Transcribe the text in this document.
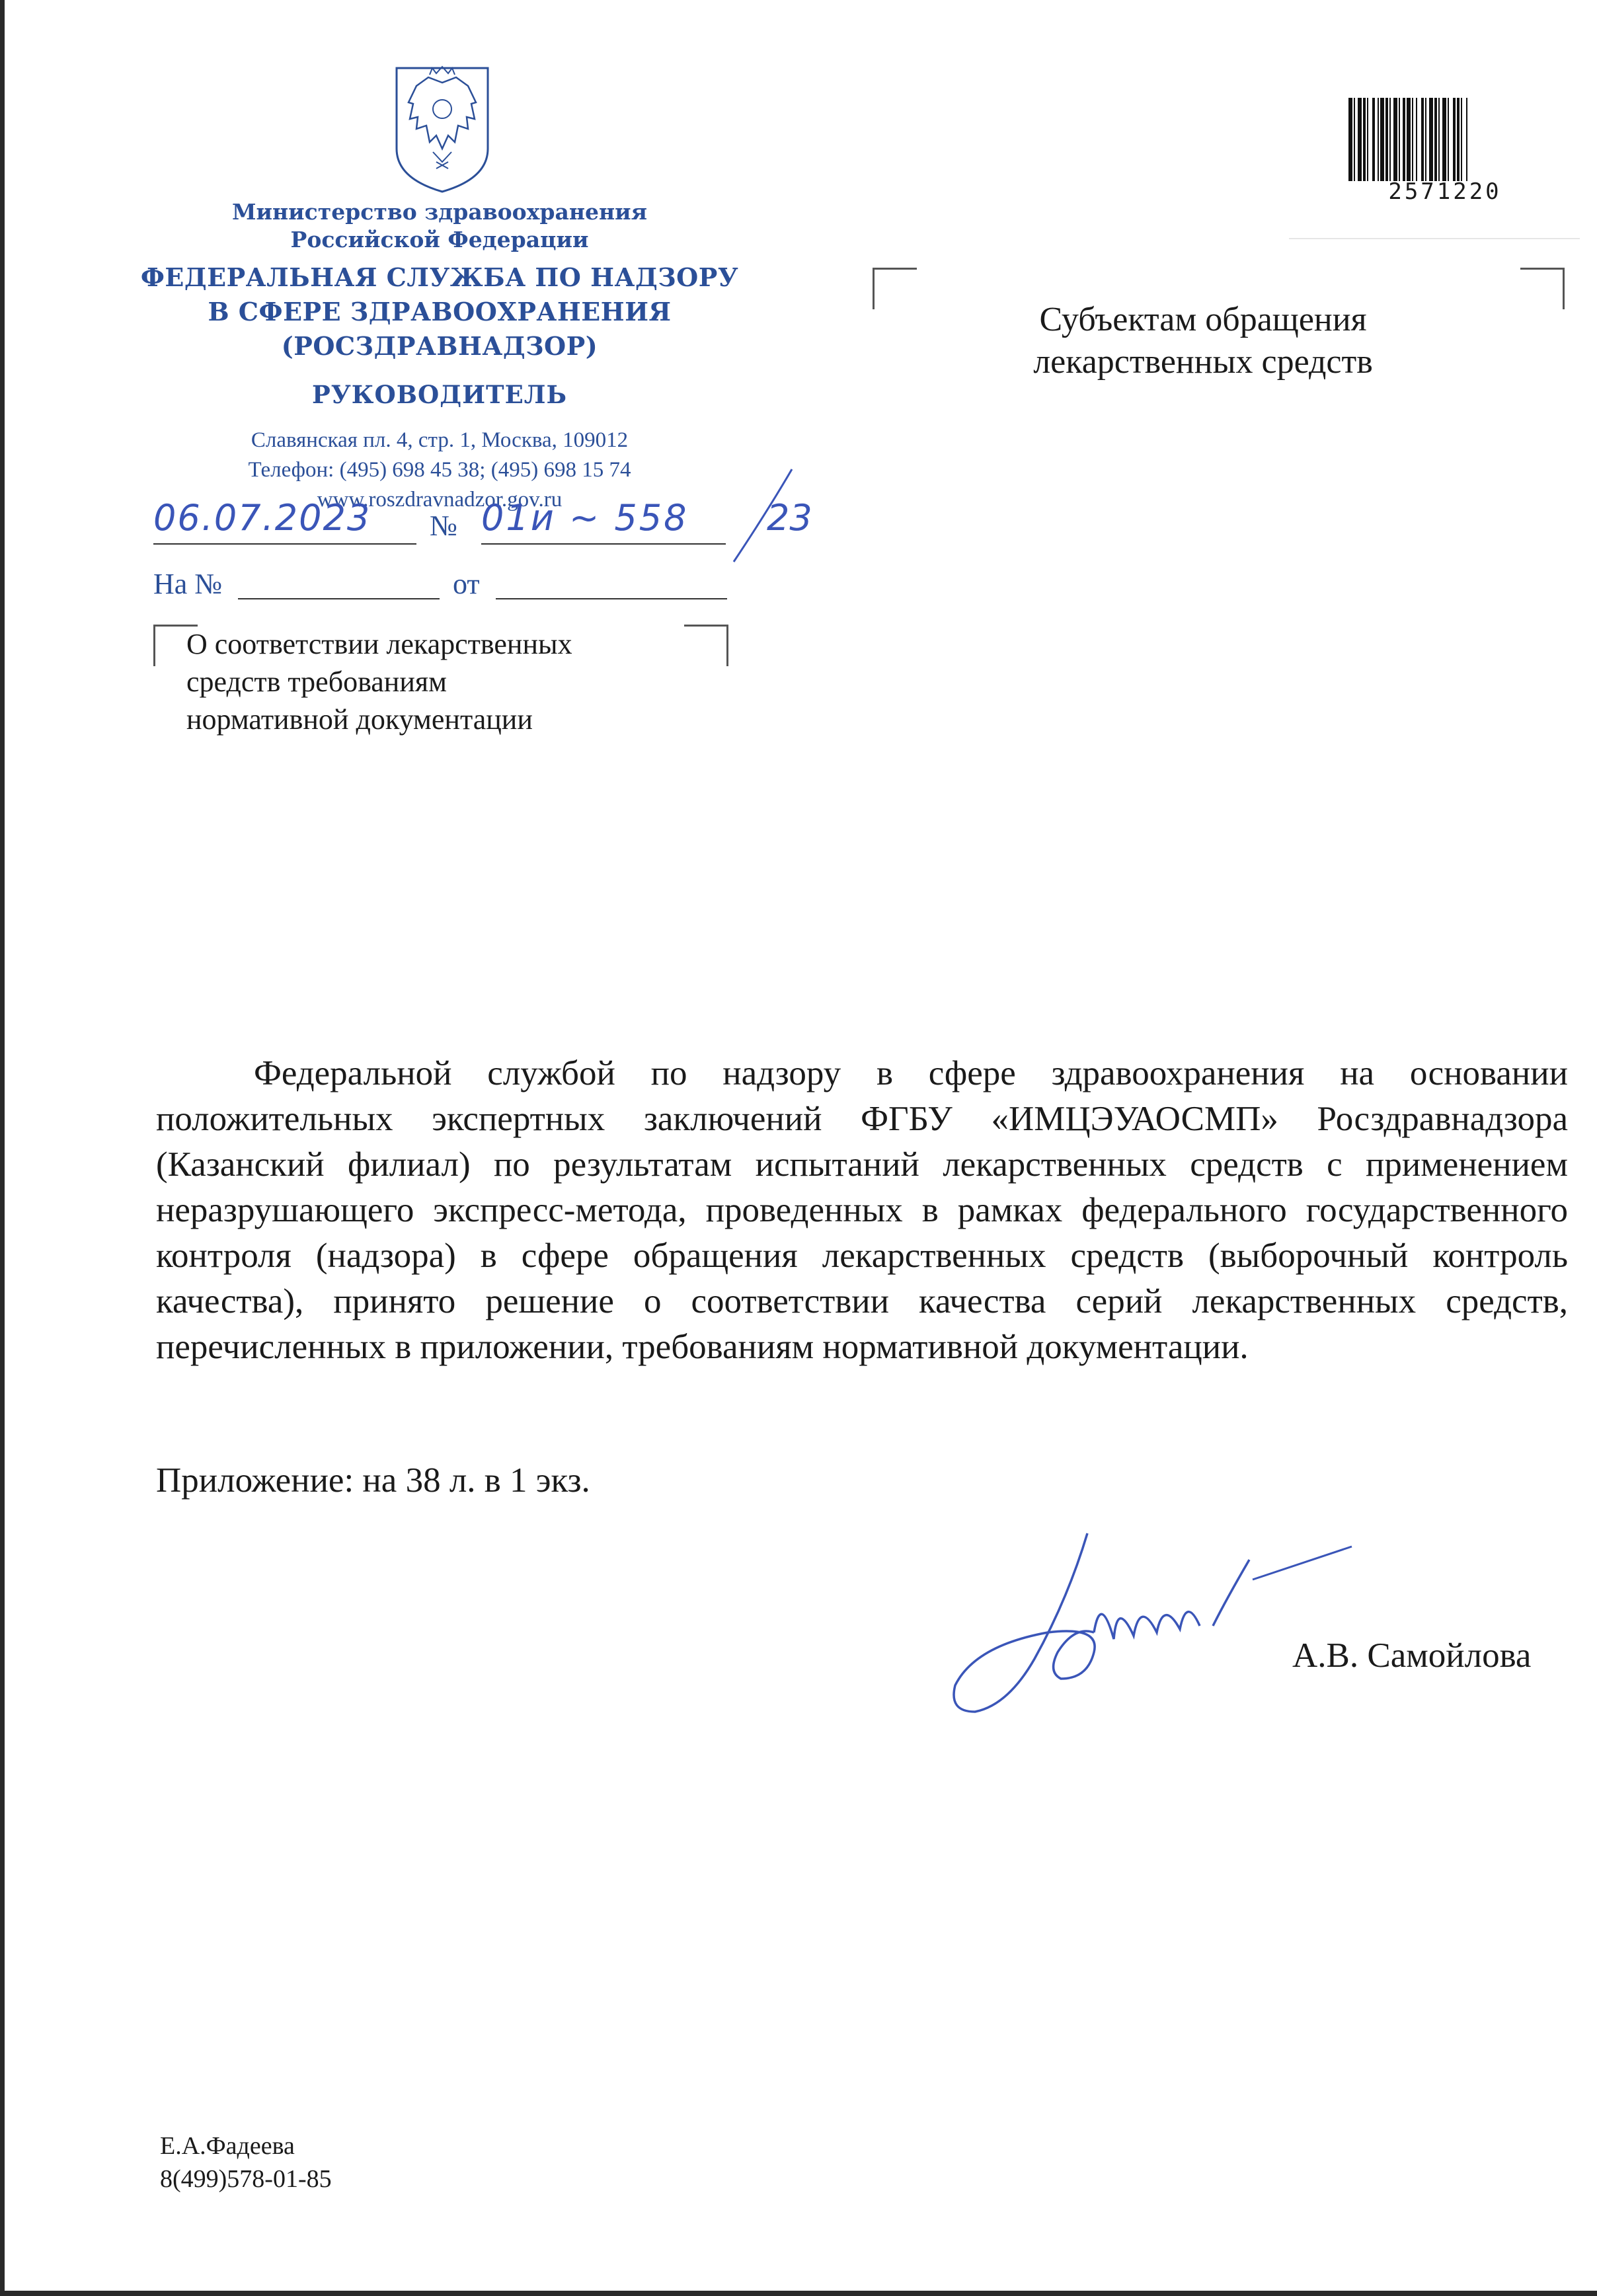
Министерство здравоохранения
Российской Федерации

ФЕДЕРАЛЬНАЯ СЛУЖБА ПО НАДЗОРУ
В СФЕРЕ ЗДРАВООХРАНЕНИЯ
(РОСЗДРАВНАДЗОР)

РУКОВОДИТЕЛЬ

Славянская пл. 4, стр. 1, Москва, 109012
Телефон: (495) 698 45 38; (495) 698 15 74
www.roszdravnadzor.gov.ru

06.07.2023	№ 01и ~ 558	23
На №	от

О соответствии лекарственных
средств требованиям
нормативной документации

2571220

Субъектам обращения
лекарственных средств

Федеральной службой по надзору в сфере здравоохранения на основании положительных экспертных заключений ФГБУ «ИМЦЭУАОСМП» Росздравнадзора (Казанский филиал) по результатам испытаний лекарственных средств с применением неразрушающего экспресс-метода, проведенных в рамках федерального государственного контроля (надзора) в сфере обращения лекарственных средств (выборочный контроль качества), принято решение о соответствии качества серий лекарственных средств, перечисленных в приложении, требованиям нормативной документации.

Приложение: на 38 л. в 1 экз.

А.В. Самойлова

Е.А.Фадеева

8(499)578-01-85
